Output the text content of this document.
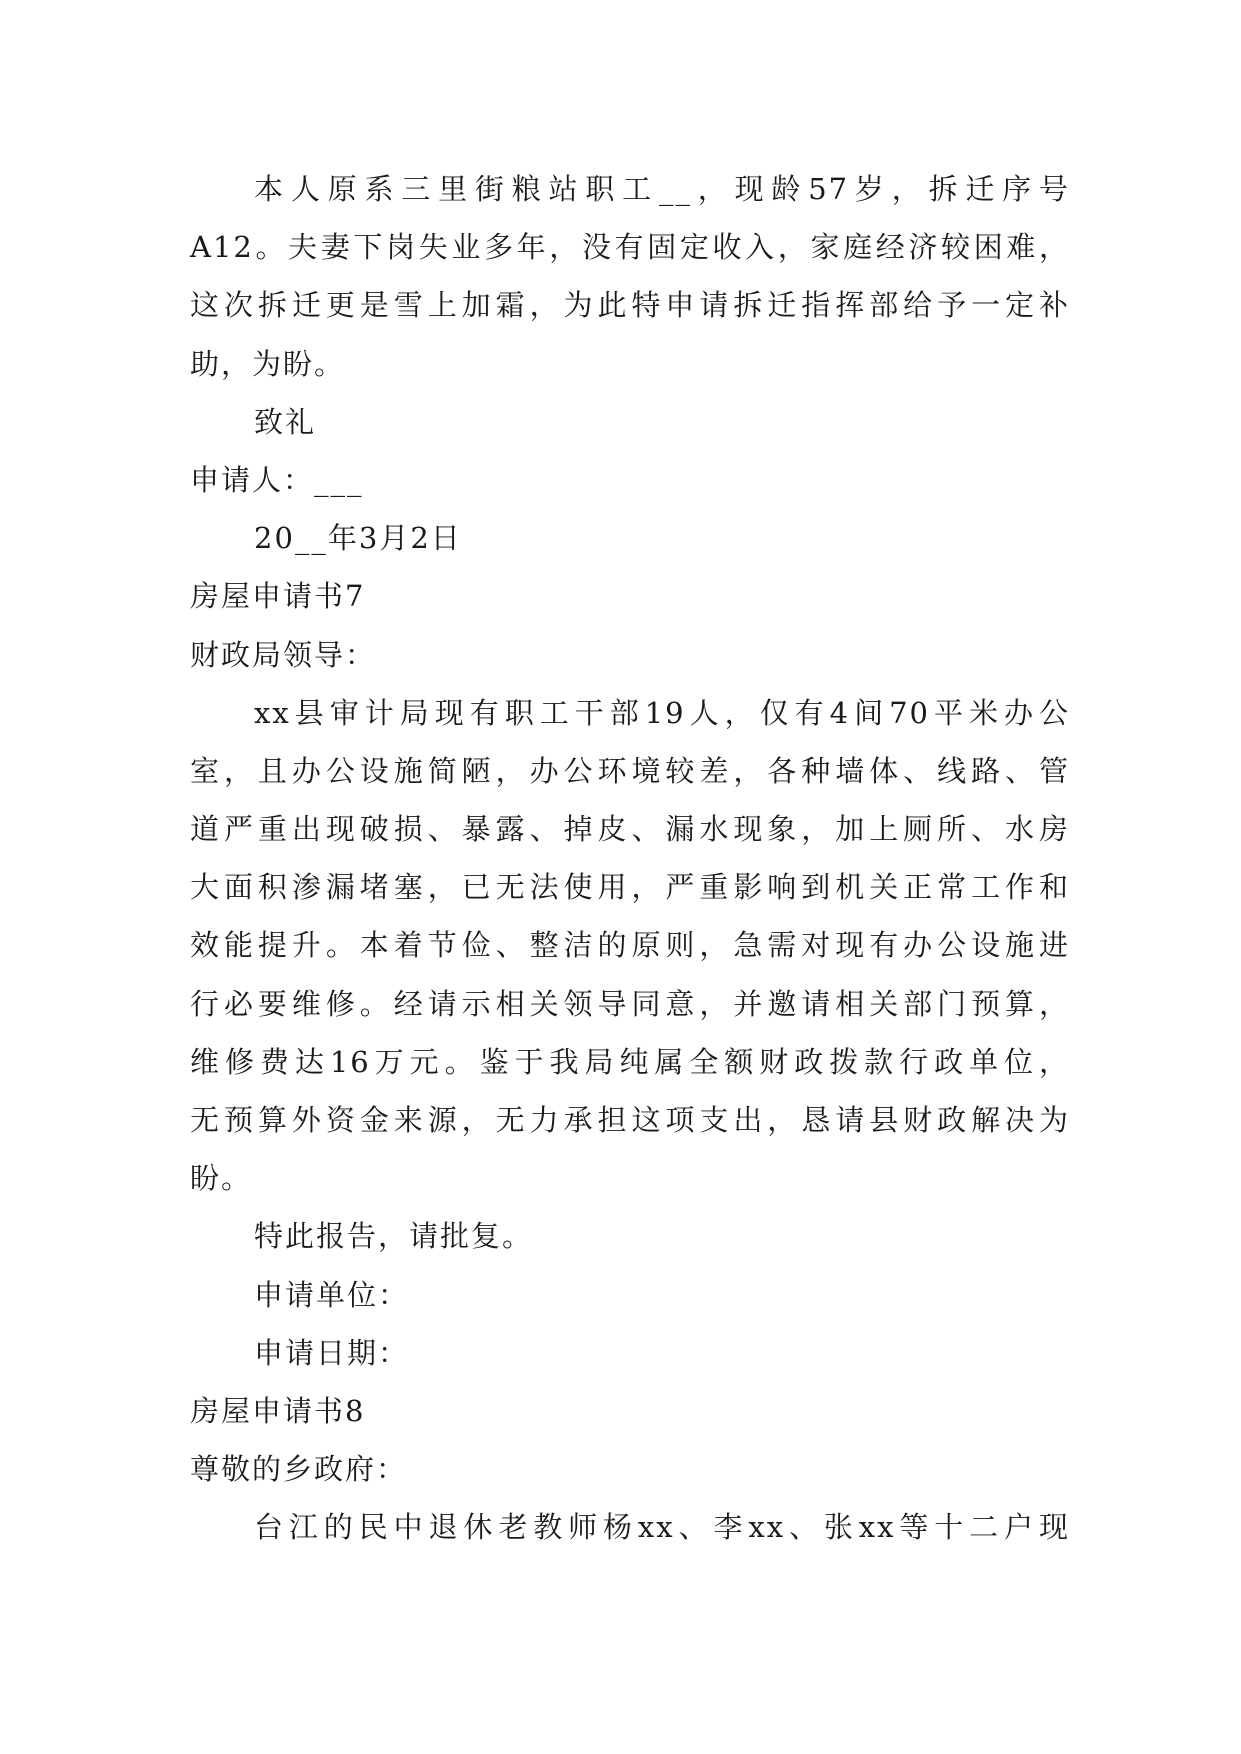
本人原系三里街粮站职工__，现龄57岁，拆迁序号
A12。夫妻下岗失业多年，没有固定收入，家庭经济较困难，
这次拆迁更是雪上加霜，为此特申请拆迁指挥部给予一定补
助，为盼。
致礼
申请人：___
20__年3月2日
房屋申请书7
财政局领导：
xx县审计局现有职工干部19人，仅有4间70平米办公
室，且办公设施简陋，办公环境较差，各种墙体、线路、管
道严重出现破损、暴露、掉皮、漏水现象，加上厕所、水房
大面积渗漏堵塞，已无法使用，严重影响到机关正常工作和
效能提升。本着节俭、整洁的原则，急需对现有办公设施进
行必要维修。经请示相关领导同意，并邀请相关部门预算，
维修费达16万元。鉴于我局纯属全额财政拨款行政单位，
无预算外资金来源，无力承担这项支出，恳请县财政解决为
盼。
特此报告，请批复。
申请单位：
申请日期：
房屋申请书8
尊敬的乡政府：
台江的民中退休老教师杨xx、李xx、张xx等十二户现
